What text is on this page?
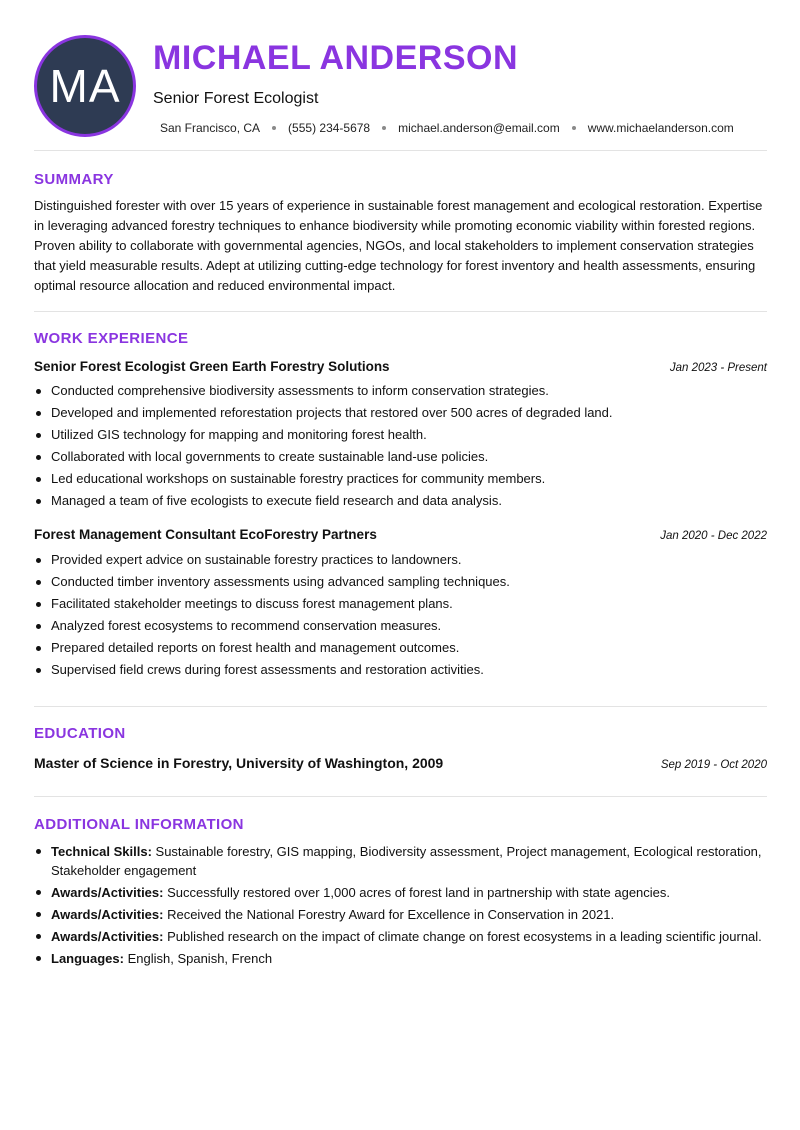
MA
MICHAEL ANDERSON
Senior Forest Ecologist
San Francisco, CA (555) 234-5678 michael.anderson@email.com www.michaelanderson.com
SUMMARY

Distinguished forester with over 15 years of experience in sustainable forest management and ecological restoration. Expertise in leveraging advanced forestry techniques to enhance biodiversity while promoting economic viability within forested regions. Proven ability to collaborate with governmental agencies, NGOs, and local stakeholders to implement conservation strategies that yield measurable results. Adept at utilizing cutting-edge technology for forest inventory and health assessments, ensuring optimal resource allocation and reduced environmental impact.

WORK EXPERIENCE
Senior Forest Ecologist Green Earth Forestry Solutions	Jan 2023 - Present
Conducted comprehensive biodiversity assessments to inform conservation strategies.
Developed and implemented reforestation projects that restored over 500 acres of degraded land.
Utilized GIS technology for mapping and monitoring forest health.
Collaborated with local governments to create sustainable land-use policies.
Led educational workshops on sustainable forestry practices for community members.
Managed a team of five ecologists to execute field research and data analysis.
Forest Management Consultant EcoForestry Partners	Jan 2020 - Dec 2022
Provided expert advice on sustainable forestry practices to landowners.
Conducted timber inventory assessments using advanced sampling techniques.
Facilitated stakeholder meetings to discuss forest management plans.
Analyzed forest ecosystems to recommend conservation measures.
Prepared detailed reports on forest health and management outcomes.
Supervised field crews during forest assessments and restoration activities.
EDUCATION
Master of Science in Forestry, University of Washington, 2009	Sep 2019 - Oct 2020
ADDITIONAL INFORMATION
Technical Skills: Sustainable forestry, GIS mapping, Biodiversity assessment, Project management, Ecological restoration, Stakeholder engagement
Awards/Activities: Successfully restored over 1,000 acres of forest land in partnership with state agencies.
Awards/Activities: Received the National Forestry Award for Excellence in Conservation in 2021.
Awards/Activities: Published research on the impact of climate change on forest ecosystems in a leading scientific journal.
Languages: English, Spanish, French
